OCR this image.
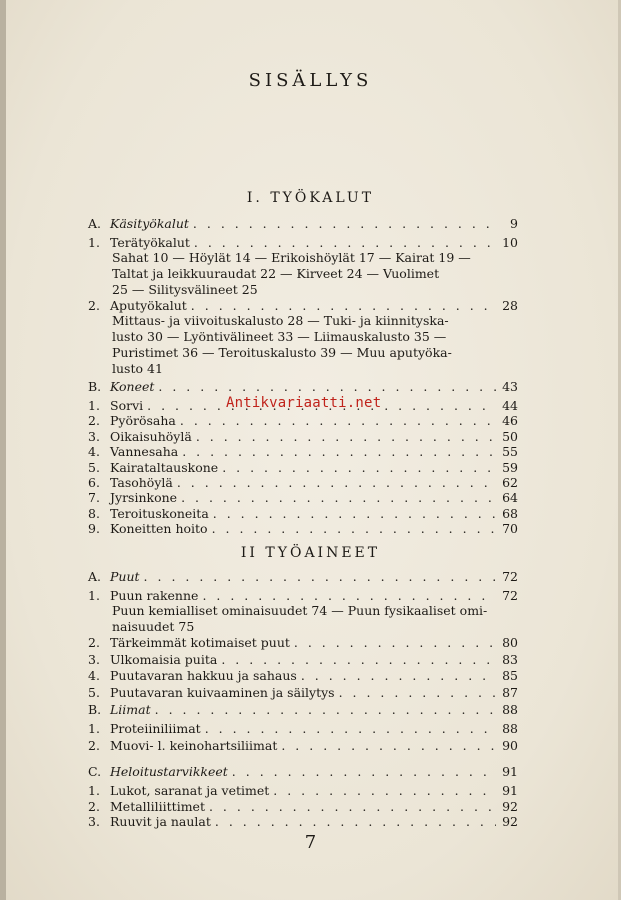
SISÄLLYS
I. TYÖKALUT
A. Käsityökalut . . .	9
1. Terätyökalut . . .	10
Sahat 10 — Höylät 14 — Erikoishöylät 17 — Kairat 19 —
Taltat ja leikkuuraudat 22 — Kirveet 24 — Vuolimet
25 — Silitysvälineet 25
2. Aputyökalut . . .	28
Mittaus- ja viivoituskalusto 28 — Tuki- ja kiinnityska-
lusto 30 — Lyöntivälineet 33 — Liimauskalusto 35 —
Puristimet 36 — Teroituskalusto 39 — Muu aputyöka-
lusto 41
B. Koneet . . .	43
1. Sorvi . . .	44
2. Pyörösaha . . .	46
3. Oikaisuhöylä . . .	50
4. Vannesaha . . .	55
5. Kairataltauskone . . .	59
6. Tasohöylä . . .	62
7. Jyrsinkone . . .	64
8. Teroituskoneita . . .	68
9. Koneitten hoito . . .	70
II TYÖAINEET
A. Puut . . .	72
1. Puun rakenne . . .	72
Puun kemialliset ominaisuudet 74 — Puun fysikaaliset omi-
naisuudet 75
2. Tärkeimmät kotimaiset puut . . .	80
3. Ulkomaisia puita . . .	83
4. Puutavaran hakkuu ja sahaus . . .	85
5. Puutavaran kuivaaminen ja säilytys . . .	87
B. Liimat . . .	88
1. Proteiiniliimat . . .	88
2. Muovi- l. keinohartsiliimat . . .	90
C. Heloitustarvikkeet . . .	91
1. Lukot, saranat ja vetimet . . .	91
2. Metalliliittimet . . .	92
3. Ruuvit ja naulat . . .	92
Antikvariaatti.net
7
